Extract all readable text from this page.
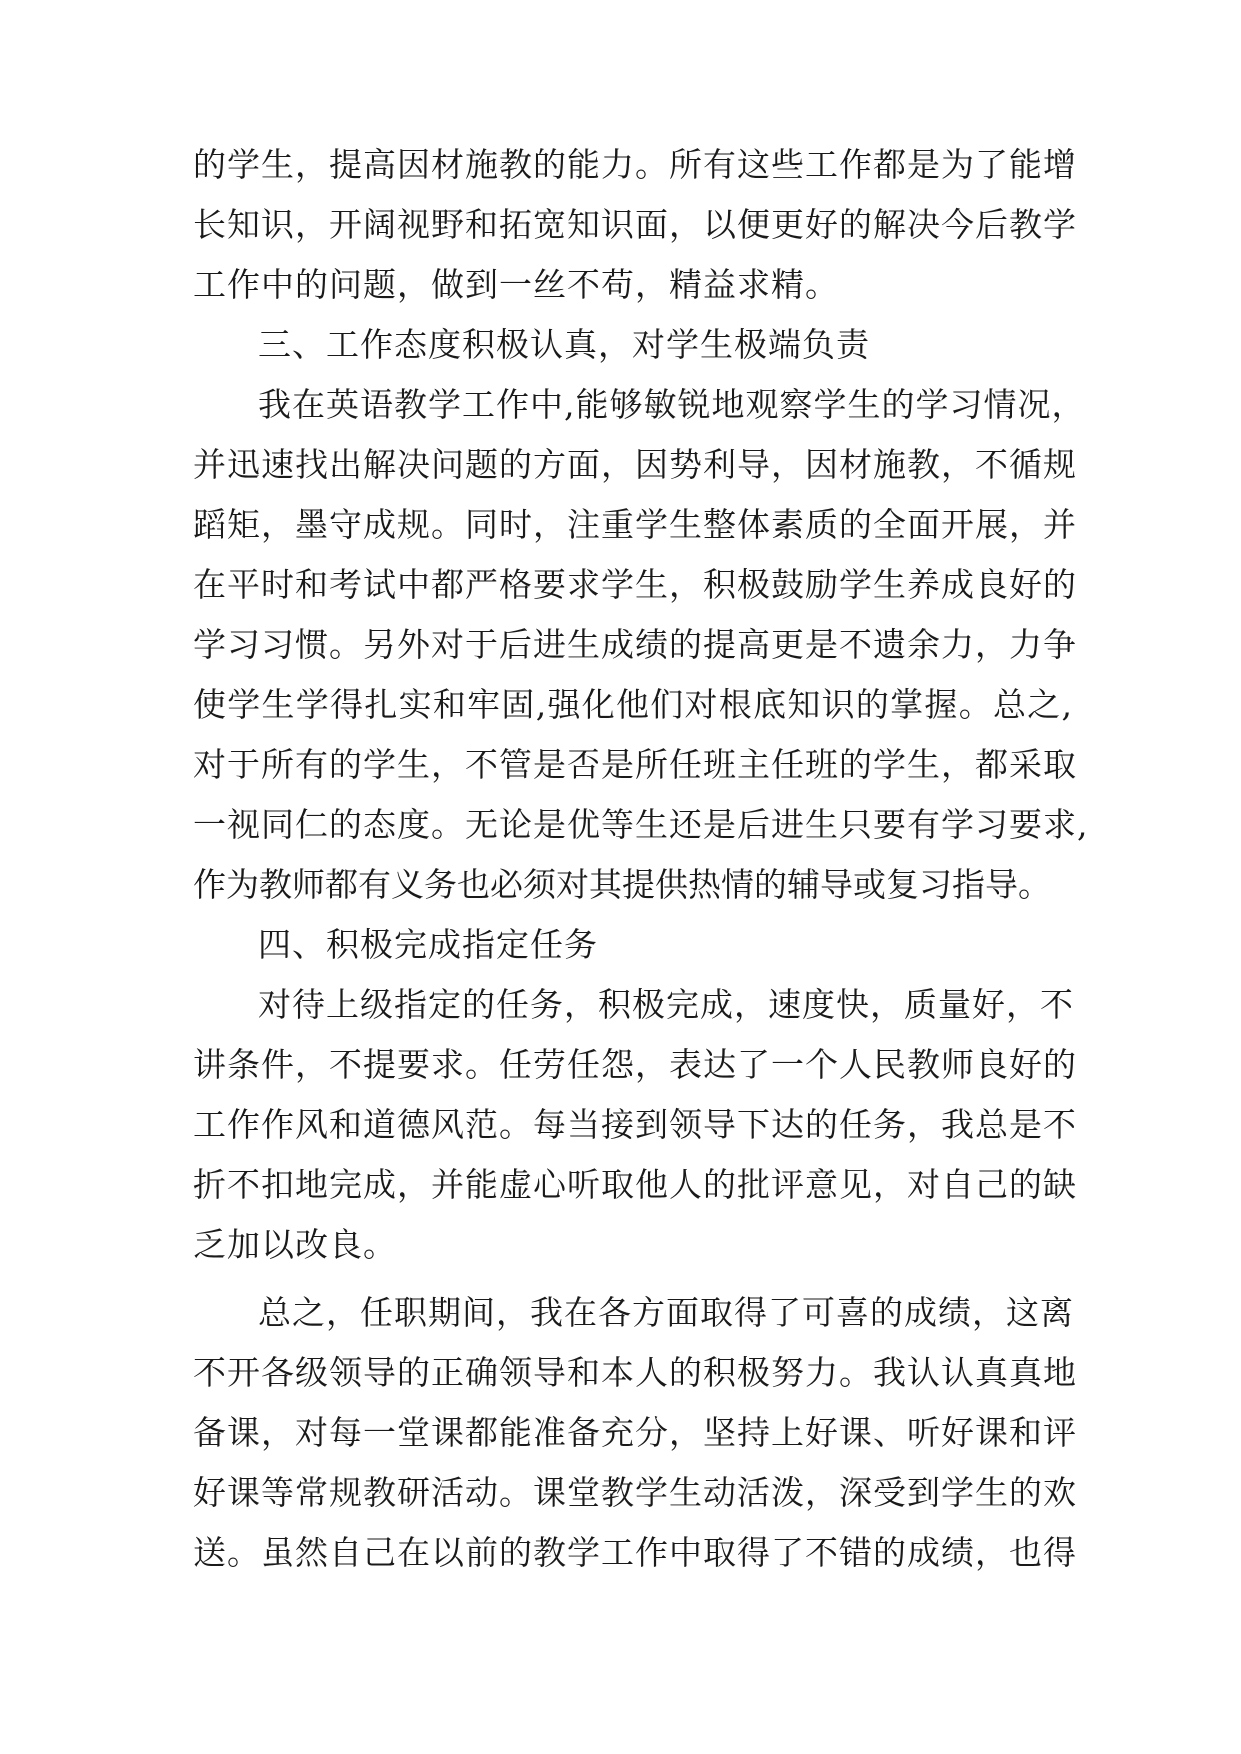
的学生，提高因材施教的能力。所有这些工作都是为了能增
长知识，开阔视野和拓宽知识面，以便更好的解决今后教学
工作中的问题，做到一丝不苟，精益求精。
三、工作态度积极认真，对学生极端负责
我在英语教学工作中,能够敏锐地观察学生的学习情况，
并迅速找出解决问题的方面，因势利导，因材施教，不循规
蹈矩，墨守成规。同时，注重学生整体素质的全面开展，并
在平时和考试中都严格要求学生，积极鼓励学生养成良好的
学习习惯。另外对于后进生成绩的提高更是不遗余力，力争
使学生学得扎实和牢固,强化他们对根底知识的掌握。总之,
对于所有的学生，不管是否是所任班主任班的学生，都采取
一视同仁的态度。无论是优等生还是后进生只要有学习要求,
作为教师都有义务也必须对其提供热情的辅导或复习指导。
四、积极完成指定任务
对待上级指定的任务，积极完成，速度快，质量好，不
讲条件，不提要求。任劳任怨，表达了一个人民教师良好的
工作作风和道德风范。每当接到领导下达的任务，我总是不
折不扣地完成，并能虚心听取他人的批评意见，对自己的缺
乏加以改良。
总之，任职期间，我在各方面取得了可喜的成绩，这离
不开各级领导的正确领导和本人的积极努力。我认认真真地
备课，对每一堂课都能准备充分，坚持上好课、听好课和评
好课等常规教研活动。课堂教学生动活泼，深受到学生的欢
送。虽然自己在以前的教学工作中取得了不错的成绩，也得
